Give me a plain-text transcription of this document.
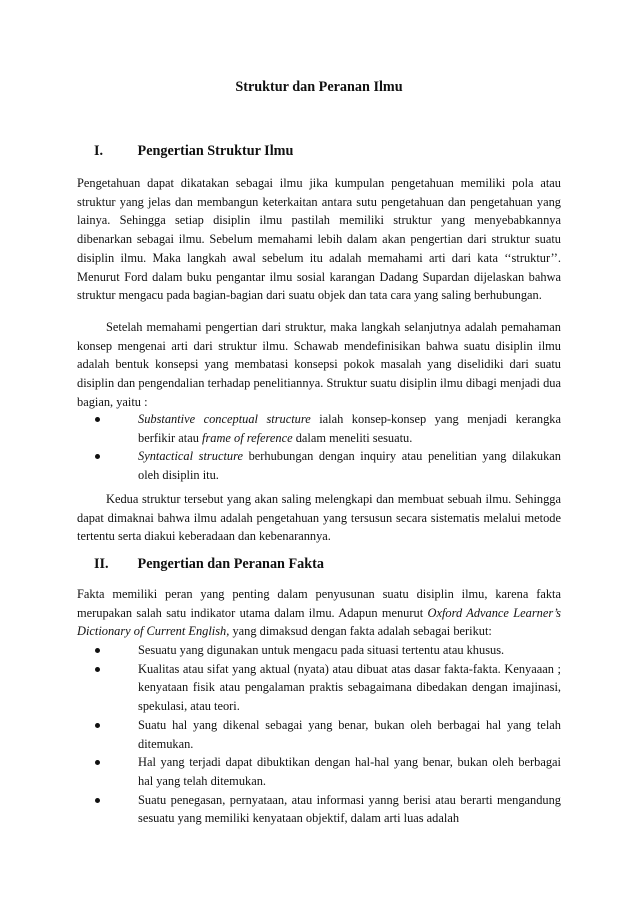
Struktur dan Peranan Ilmu
I. Pengertian Struktur Ilmu

Pengetahuan dapat dikatakan sebagai ilmu jika kumpulan pengetahuan memiliki pola atau struktur yang jelas dan membangun keterkaitan antara sutu pengetahuan dan pengetahuan yang lainya. Sehingga setiap disiplin ilmu pastilah memiliki struktur yang menyebabkannya dibenarkan sebagai ilmu. Sebelum memahami lebih dalam akan pengertian dari struktur suatu disiplin ilmu. Maka langkah awal sebelum itu adalah memahami arti dari kata ‘‘struktur’’. Menurut Ford dalam buku pengantar ilmu sosial karangan Dadang Supardan dijelaskan bahwa struktur mengacu pada bagian-bagian dari suatu objek dan tata cara yang saling berhubungan.

Setelah memahami pengertian dari struktur, maka langkah selanjutnya adalah pemahaman konsep mengenai arti dari struktur ilmu. Schawab mendefinisikan bahwa suatu disiplin ilmu adalah bentuk konsepsi yang membatasi konsepsi pokok masalah yang diselidiki dari suatu disiplin dan pengendalian terhadap penelitiannya. Struktur suatu disiplin ilmu dibagi menjadi dua bagian, yaitu :

Substantive conceptual structure ialah konsep-konsep yang menjadi kerangka berfikir atau frame of reference dalam meneliti sesuatu.
Syntactical structure berhubungan dengan inquiry atau penelitian yang dilakukan oleh disiplin itu.

Kedua struktur tersebut yang akan saling melengkapi dan membuat sebuah ilmu. Sehingga dapat dimaknai bahwa ilmu adalah pengetahuan yang tersusun secara sistematis melalui metode tertentu serta diakui keberadaan dan kebenarannya.

II. Pengertian dan Peranan Fakta

Fakta memiliki peran yang penting dalam penyusunan suatu disiplin ilmu, karena fakta merupakan salah satu indikator utama dalam ilmu. Adapun menurut Oxford Advance Learner’s Dictionary of Current English, yang dimaksud dengan fakta adalah sebagai berikut:

Sesuatu yang digunakan untuk mengacu pada situasi tertentu atau khusus.
Kualitas atau sifat yang aktual (nyata) atau dibuat atas dasar fakta-fakta. Kenyaaan ; kenyataan fisik atau pengalaman praktis sebagaimana dibedakan dengan imajinasi, spekulasi, atau teori.
Suatu hal yang dikenal sebagai yang benar, bukan oleh berbagai hal yang telah ditemukan.
Hal yang terjadi dapat dibuktikan dengan hal-hal yang benar, bukan oleh berbagai hal yang telah ditemukan.
Suatu penegasan, pernyataan, atau informasi yanng berisi atau berarti mengandung sesuatu yang memiliki kenyataan objektif, dalam arti luas adalah
